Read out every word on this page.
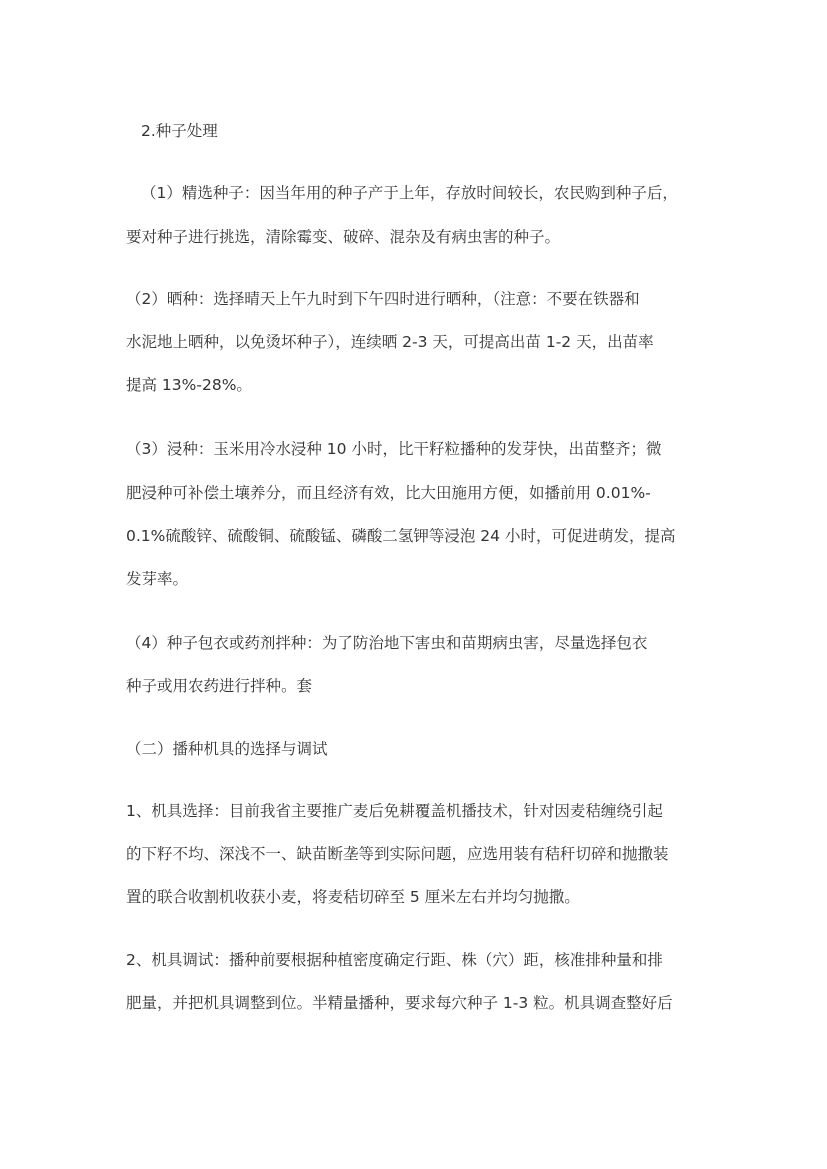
2.种子处理
（1）精选种子：因当年用的种子产于上年，存放时间较长，农民购到种子后，
要对种子进行挑选，清除霉变、破碎、混杂及有病虫害的种子。
（2）晒种：选择晴天上午九时到下午四时进行晒种，（注意：不要在铁器和
水泥地上晒种，以免烫坏种子），连续晒 2-3 天，可提高出苗 1-2 天，出苗率
提高 13%-28%。
（3）浸种：玉米用冷水浸种 10 小时，比干籽粒播种的发芽快，出苗整齐；微
肥浸种可补偿土壤养分，而且经济有效，比大田施用方便，如播前用 0.01%-
0.1%硫酸锌、硫酸铜、硫酸锰、磷酸二氢钾等浸泡 24 小时，可促进萌发，提高
发芽率。
（4）种子包衣或药剂拌种：为了防治地下害虫和苗期病虫害，尽量选择包衣
种子或用农药进行拌种。套
（二）播种机具的选择与调试
1、机具选择：目前我省主要推广麦后免耕覆盖机播技术，针对因麦秸缠绕引起
的下籽不均、深浅不一、缺苗断垄等到实际问题，应选用装有秸秆切碎和抛撒装
置的联合收割机收获小麦，将麦秸切碎至 5 厘米左右并均匀抛撒。
2、机具调试：播种前要根据种植密度确定行距、株（穴）距，核准排种量和排
肥量，并把机具调整到位。半精量播种，要求每穴种子 1-3 粒。机具调查整好后
